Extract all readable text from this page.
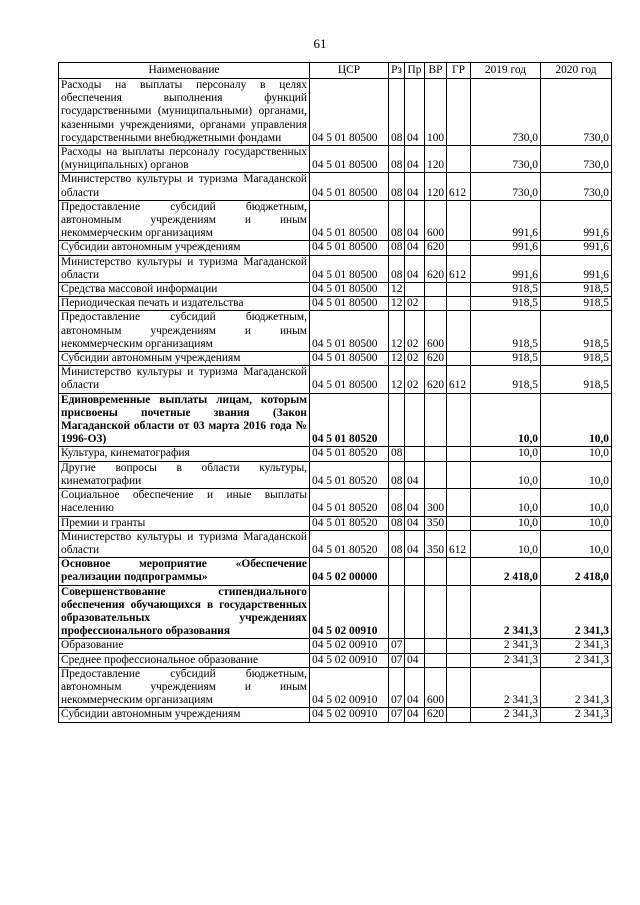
61
Наименование	ЦСР	Рз	Пр	ВР	ГР	2019 год	2020 год
Расходы на выплаты персоналу в целях обеспечения выполнения функций государственными (муниципальными) органами, казенными учреждениями, органами управления государственными внебюджетными фондами	04 5 01 80500	08	04	100		730,0	730,0
Расходы на выплаты персоналу государственных (муниципальных) органов	04 5 01 80500	08	04	120		730,0	730,0
Министерство культуры и туризма Магаданской области	04 5 01 80500	08	04	120	612	730,0	730,0
Предоставление субсидий бюджетным, автономным учреждениям и иным некоммерческим организациям	04 5 01 80500	08	04	600		991,6	991,6
Субсидии автономным учреждениям	04 5 01 80500	08	04	620		991,6	991,6
Министерство культуры и туризма Магаданской области	04 5 01 80500	08	04	620	612	991,6	991,6
Средства массовой информации	04 5 01 80500	12				918,5	918,5
Периодическая печать и издательства	04 5 01 80500	12	02			918,5	918,5
Предоставление субсидий бюджетным, автономным учреждениям и иным некоммерческим организациям	04 5 01 80500	12	02	600		918,5	918,5
Субсидии автономным учреждениям	04 5 01 80500	12	02	620		918,5	918,5
Министерство культуры и туризма Магаданской области	04 5 01 80500	12	02	620	612	918,5	918,5
Единовременные выплаты лицам, которым присвоены почетные звания (Закон Магаданской области от 03 марта 2016 года № 1996-ОЗ)	04 5 01 80520					10,0	10,0
Культура, кинематография	04 5 01 80520	08				10,0	10,0
Другие вопросы в области культуры, кинематографии	04 5 01 80520	08	04			10,0	10,0
Социальное обеспечение и иные выплаты населению	04 5 01 80520	08	04	300		10,0	10,0
Премии и гранты	04 5 01 80520	08	04	350		10,0	10,0
Министерство культуры и туризма Магаданской области	04 5 01 80520	08	04	350	612	10,0	10,0
Основное мероприятие «Обеспечение реализации подпрограммы»	04 5 02 00000					2 418,0	2 418,0
Совершенствование стипендиального обеспечения обучающихся в государственных образовательных учреждениях профессионального образования	04 5 02 00910					2 341,3	2 341,3
Образование	04 5 02 00910	07				2 341,3	2 341,3
Среднее профессиональное образование	04 5 02 00910	07	04			2 341,3	2 341,3
Предоставление субсидий бюджетным, автономным учреждениям и иным некоммерческим организациям	04 5 02 00910	07	04	600		2 341,3	2 341,3
Субсидии автономным учреждениям	04 5 02 00910	07	04	620		2 341,3	2 341,3
